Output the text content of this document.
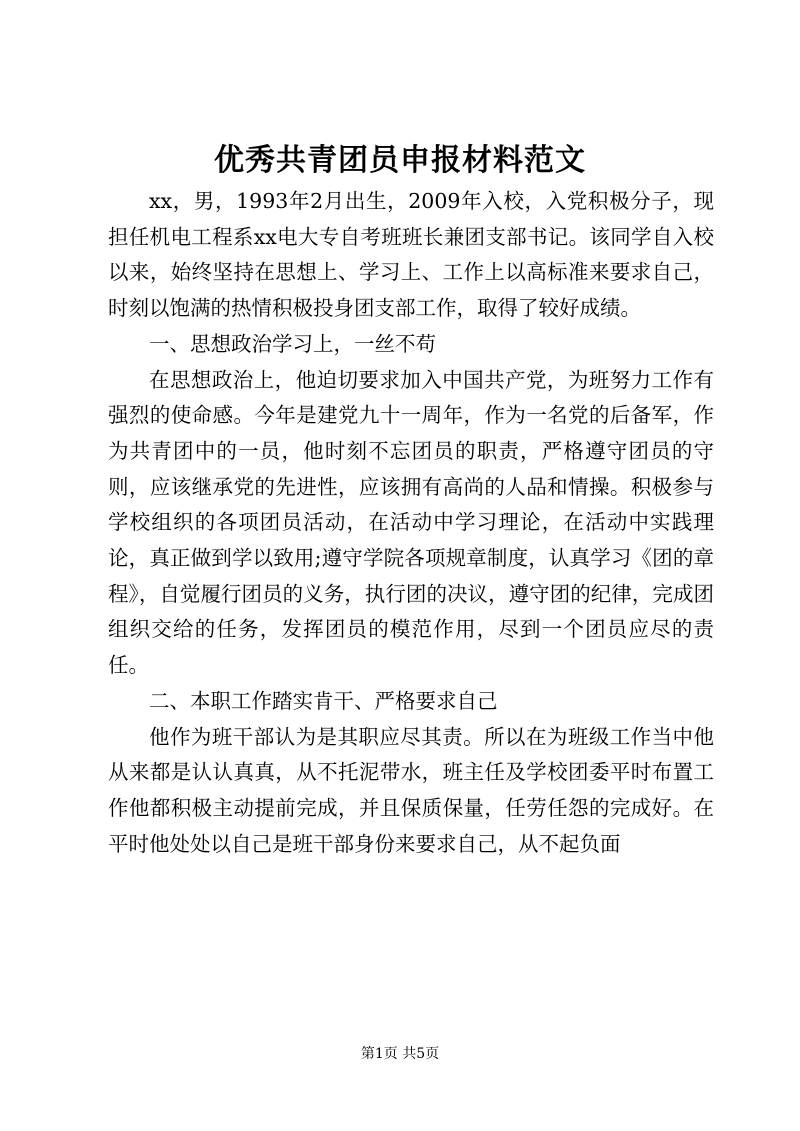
优秀共青团员申报材料范文

xx，男，1993年2月出生，2009年入校，入党积极分子，现担任机电工程系xx电大专自考班班长兼团支部书记。该同学自入校以来，始终坚持在思想上、学习上、工作上以高标准来要求自己，时刻以饱满的热情积极投身团支部工作，取得了较好成绩。

一、思想政治学习上，一丝不苟

在思想政治上，他迫切要求加入中国共产党，为班努力工作有强烈的使命感。今年是建党九十一周年，作为一名党的后备军，作为共青团中的一员，他时刻不忘团员的职责，严格遵守团员的守则，应该继承党的先进性，应该拥有高尚的人品和情操。积极参与学校组织的各项团员活动，在活动中学习理论，在活动中实践理论，真正做到学以致用;遵守学院各项规章制度，认真学习《团的章程》，自觉履行团员的义务，执行团的决议，遵守团的纪律，完成团组织交给的任务，发挥团员的模范作用，尽到一个团员应尽的责任。

二、本职工作踏实肯干、严格要求自己

他作为班干部认为是其职应尽其责。所以在为班级工作当中他从来都是认认真真，从不托泥带水，班主任及学校团委平时布置工作他都积极主动提前完成，并且保质保量，任劳任怨的完成好。在平时他处处以自己是班干部身份来要求自己，从不起负面

第1页 共5页
